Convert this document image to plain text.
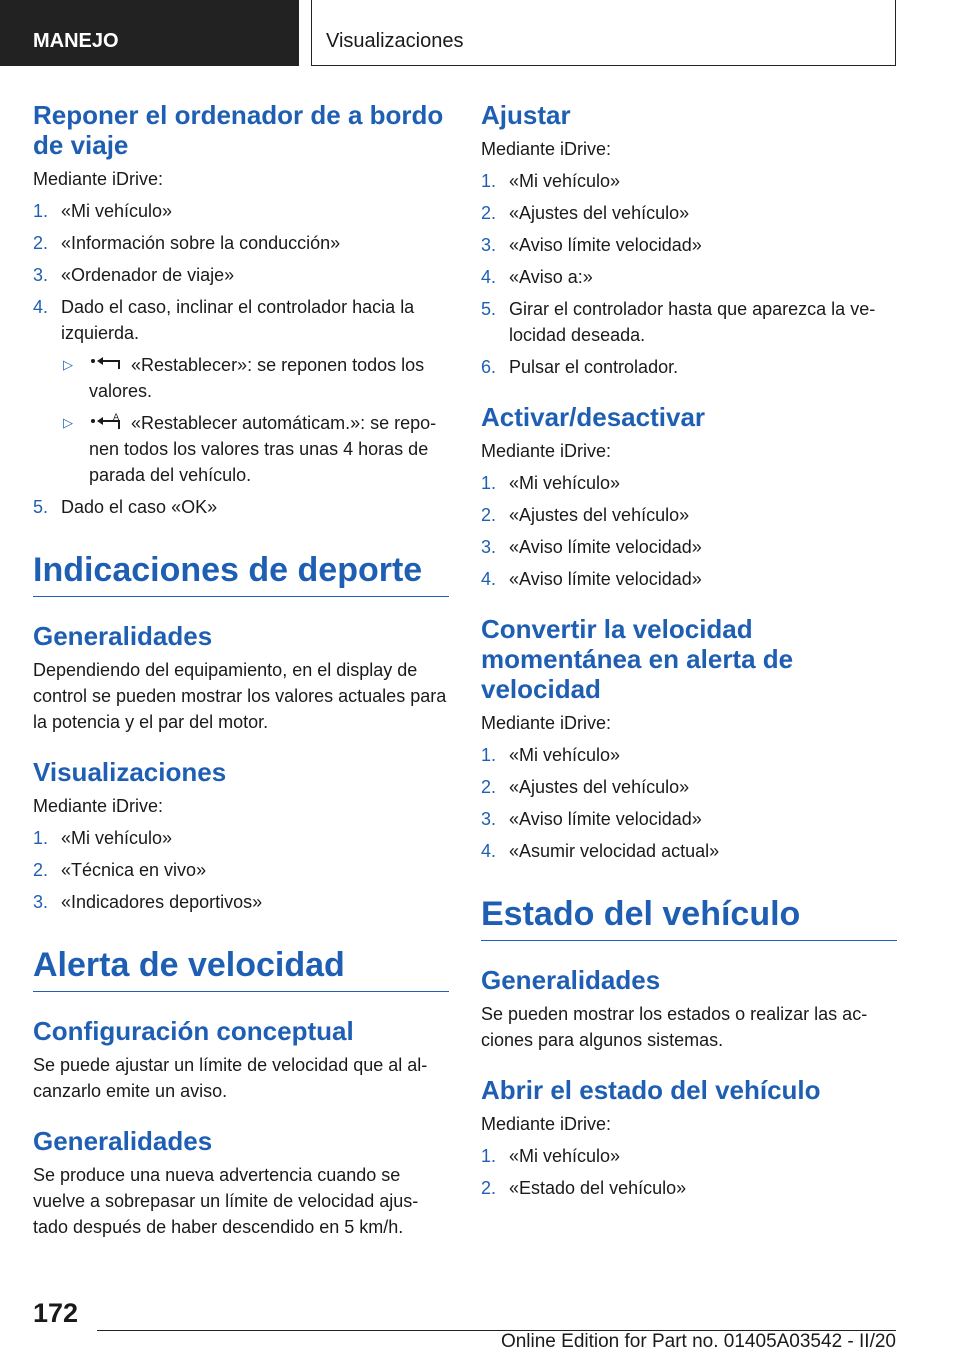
MANEJO	Visualizaciones
Reponer el ordenador de a bordo de viaje

Mediante iDrive:

1. «Mi vehículo»
2. «Información sobre la conducción»
3. «Ordenador de viaje»
4. Dado el caso, inclinar el controlador hacia la izquierda.
▷	«Restablecer»: se reponen todos los valores.
▷	A «Restablecer automáticam.»: se repo‐ nen todos los valores tras unas 4 horas de parada del vehículo.
5. Dado el caso «OK»
Indicaciones de deporte
Generalidades

Dependiendo del equipamiento, en el display de control se pueden mostrar los valores actuales para la potencia y el par del motor.

Visualizaciones

Mediante iDrive:

1. «Mi vehículo»
2. «Técnica en vivo»
3. «Indicadores deportivos»
Alerta de velocidad
Configuración conceptual

Se puede ajustar un límite de velocidad que al al‐ canzarlo emite un aviso.

Generalidades

Se produce una nueva advertencia cuando se vuelve a sobrepasar un límite de velocidad ajus‐ tado después de haber descendido en 5 km/h.

Ajustar

Mediante iDrive:

1. «Mi vehículo»
2. «Ajustes del vehículo»
3. «Aviso límite velocidad»
4. «Aviso a:»
5. Girar el controlador hasta que aparezca la ve‐ locidad deseada.
6. Pulsar el controlador.
Activar/desactivar

Mediante iDrive:

1. «Mi vehículo»
2. «Ajustes del vehículo»
3. «Aviso límite velocidad»
4. «Aviso límite velocidad»
Convertir la velocidad momentánea en alerta de velocidad

Mediante iDrive:

1. «Mi vehículo»
2. «Ajustes del vehículo»
3. «Aviso límite velocidad»
4. «Asumir velocidad actual»
Estado del vehículo
Generalidades

Se pueden mostrar los estados o realizar las ac‐ ciones para algunos sistemas.

Abrir el estado del vehículo

Mediante iDrive:

1. «Mi vehículo»
2. «Estado del vehículo»
172
Online Edition for Part no. 01405A03542 - II/20
